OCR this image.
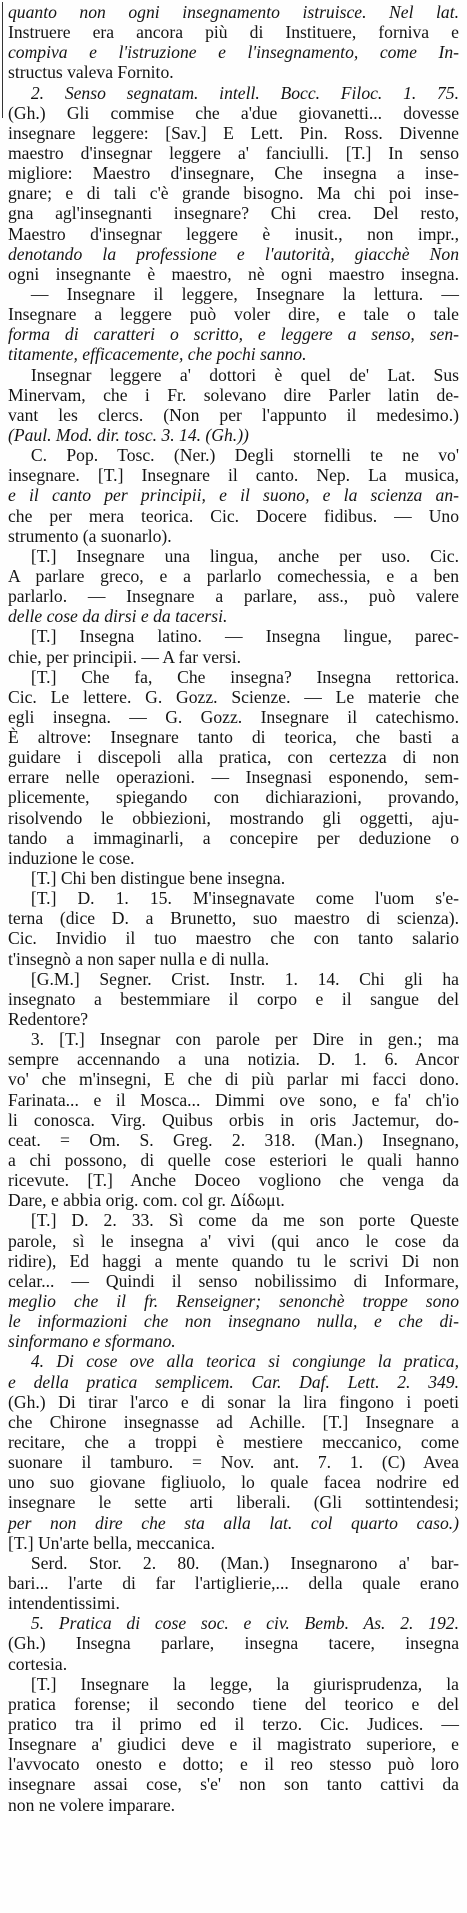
quanto non ogni insegnamento istruisce. Nel lat.
Instruere era ancora più di Instituere, forniva e
compiva e l'istruzione e l'insegnamento, come In-
structus valeva Fornito.
2. Senso segnatam. intell. Bocc. Filoc. 1. 75.
(Gh.) Gli commise che a'due giovanetti... dovesse
insegnare leggere: [Sav.] E Lett. Pin. Ross. Divenne
maestro d'insegnar leggere a' fanciulli. [T.] In senso
migliore: Maestro d'insegnare, Che insegna a inse-
gnare; e di tali c'è grande bisogno. Ma chi poi inse-
gna agl'insegnanti insegnare? Chi crea. Del resto,
Maestro d'insegnar leggere è inusit., non impr.,
denotando la professione e l'autorità, giacchè Non
ogni insegnante è maestro, nè ogni maestro insegna.
— Insegnare il leggere, Insegnare la lettura. —
Insegnare a leggere può voler dire, e tale o tale
forma di caratteri o scritto, e leggere a senso, sen-
titamente, efficacemente, che pochi sanno.
Insegnar leggere a' dottori è quel de' Lat. Sus
Minervam, che i Fr. solevano dire Parler latin de-
vant les clercs. (Non per l'appunto il medesimo.)
(Paul. Mod. dir. tosc. 3. 14. (Gh.))
C. Pop. Tosc. (Ner.) Degli stornelli te ne vo'
insegnare. [T.] Insegnare il canto. Nep. La musica,
e il canto per principii, e il suono, e la scienza an-
che per mera teorica. Cic. Docere fidibus. — Uno
strumento (a suonarlo).
[T.] Insegnare una lingua, anche per uso. Cic.
A parlare greco, e a parlarlo comechessia, e a ben
parlarlo. — Insegnare a parlare, ass., può valere
delle cose da dirsi e da tacersi.
[T.] Insegna latino. — Insegna lingue, parec-
chie, per principii. — A far versi.
[T.] Che fa, Che insegna? Insegna rettorica.
Cic. Le lettere. G. Gozz. Scienze. — Le materie che
egli insegna. — G. Gozz. Insegnare il catechismo.
È altrove: Insegnare tanto di teorica, che basti a
guidare i discepoli alla pratica, con certezza di non
errare nelle operazioni. — Insegnasi esponendo, sem-
plicemente, spiegando con dichiarazioni, provando,
risolvendo le obbiezioni, mostrando gli oggetti, aju-
tando a immaginarli, a concepire per deduzione o
induzione le cose.
[T.] Chi ben distingue bene insegna.
[T.] D. 1. 15. M'insegnavate come l'uom s'e-
terna (dice D. a Brunetto, suo maestro di scienza).
Cic. Invidio il tuo maestro che con tanto salario
t'insegnò a non saper nulla e di nulla.
[G.M.] Segner. Crist. Instr. 1. 14. Chi gli ha
insegnato a bestemmiare il corpo e il sangue del
Redentore?
3. [T.] Insegnar con parole per Dire in gen.; ma
sempre accennando a una notizia. D. 1. 6. Ancor
vo' che m'insegni, E che di più parlar mi facci dono.
Farinata... e il Mosca... Dimmi ove sono, e fa' ch'io
li conosca. Virg. Quibus orbis in oris Jactemur, do-
ceat. = Om. S. Greg. 2. 318. (Man.) Insegnano,
a chi possono, di quelle cose esteriori le quali hanno
ricevute. [T.] Anche Doceo vogliono che venga da
Dare, e abbia orig. com. col gr. Δίδωμι.
[T.] D. 2. 33. Sì come da me son porte Queste
parole, sì le insegna a' vivi (qui anco le cose da
ridire), Ed haggi a mente quando tu le scrivi Di non
celar... — Quindi il senso nobilissimo di Informare,
meglio che il fr. Renseigner; senonchè troppe sono
le informazioni che non insegnano nulla, e che di-
sinformano e sformano.
4. Di cose ove alla teorica si congiunge la pratica,
e della pratica semplicem. Car. Daf. Lett. 2. 349.
(Gh.) Di tirar l'arco e di sonar la lira fingono i poeti
che Chirone insegnasse ad Achille. [T.] Insegnare a
recitare, che a troppi è mestiere meccanico, come
suonare il tamburo. = Nov. ant. 7. 1. (C) Avea
uno suo giovane figliuolo, lo quale facea nodrire ed
insegnare le sette arti liberali. (Gli sottintendesi;
per non dire che sta alla lat. col quarto caso.)
[T.] Un'arte bella, meccanica.
Serd. Stor. 2. 80. (Man.) Insegnarono a' bar-
bari... l'arte di far l'artiglierie,... della quale erano
intendentissimi.
5. Pratica di cose soc. e civ. Bemb. As. 2. 192.
(Gh.) Insegna parlare, insegna tacere, insegna
cortesia.
[T.] Insegnare la legge, la giurisprudenza, la
pratica forense; il secondo tiene del teorico e del
pratico tra il primo ed il terzo. Cic. Judices. —
Insegnare a' giudici deve e il magistrato superiore, e
l'avvocato onesto e dotto; e il reo stesso può loro
insegnare assai cose, s'e' non son tanto cattivi da
non ne volere imparare.
